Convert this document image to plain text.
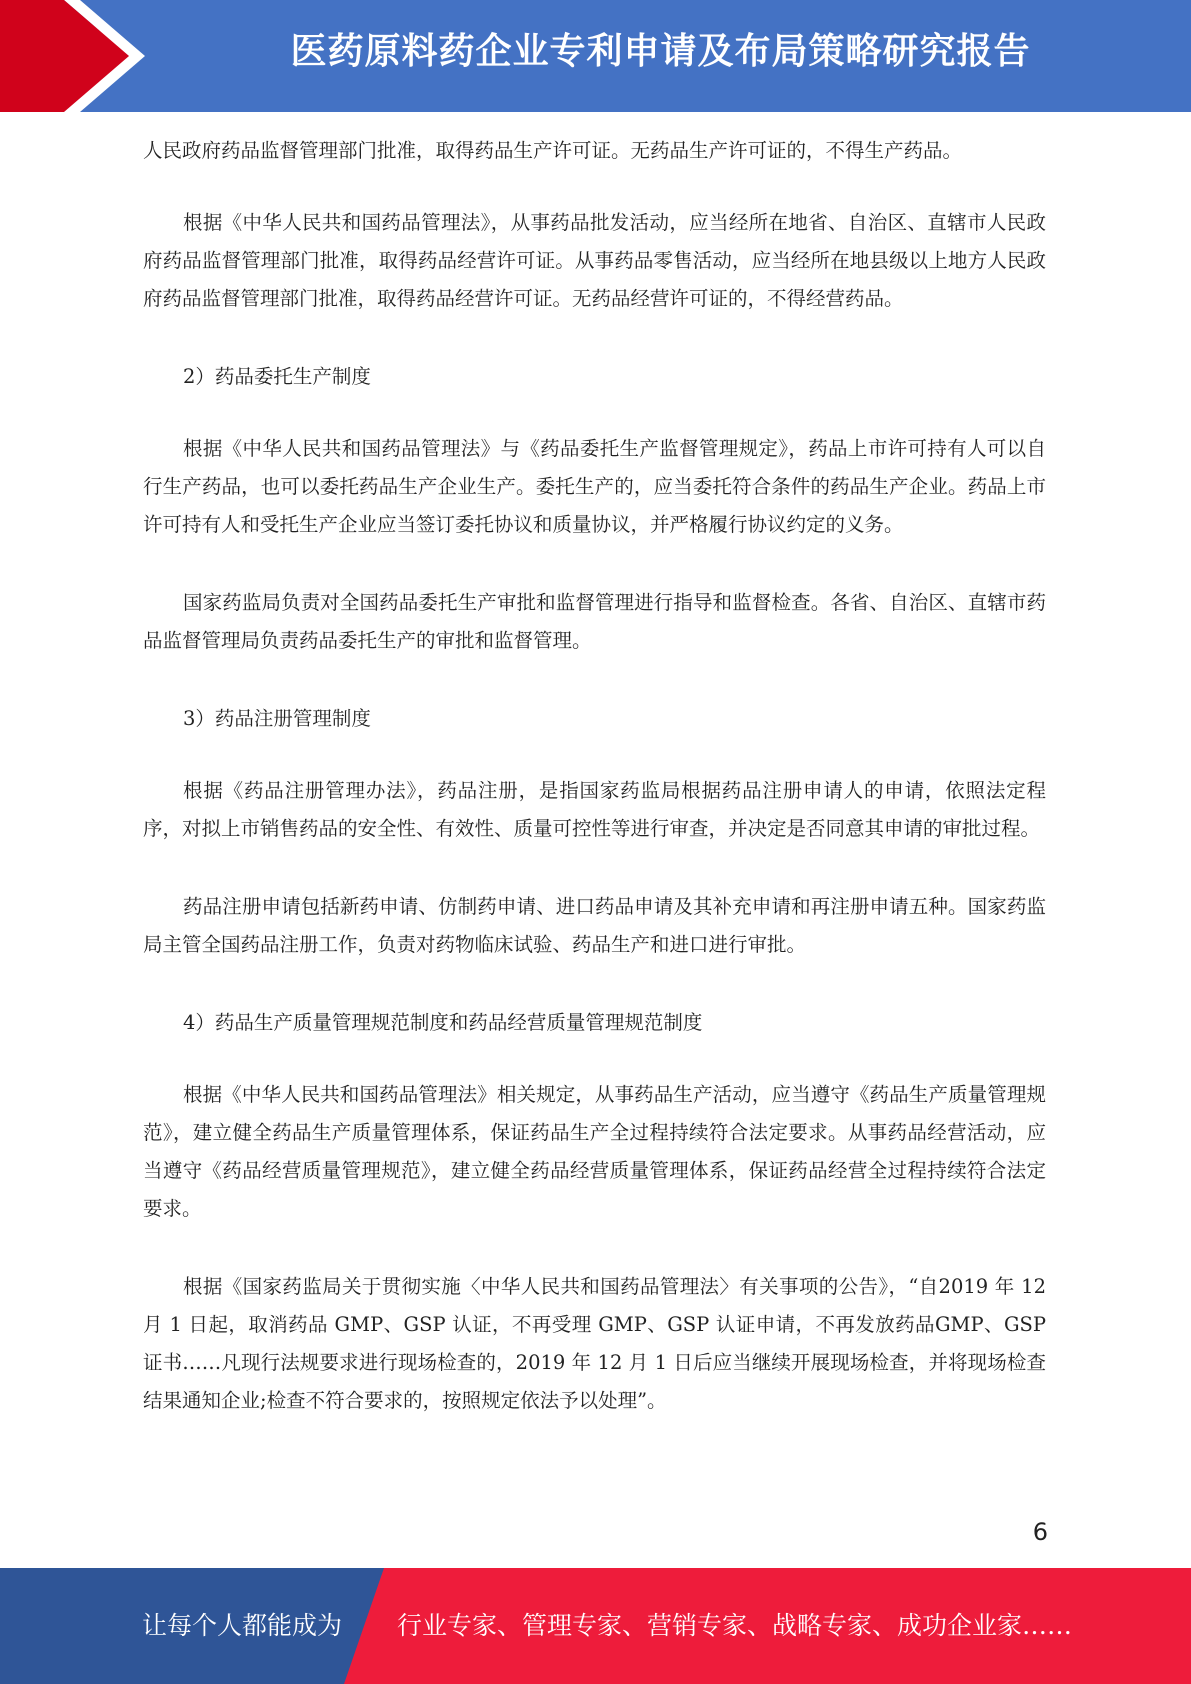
医药原料药企业专利申请及布局策略研究报告

人民政府药品监督管理部门批准，取得药品生产许可证。无药品生产许可证的，不得生产药品。

根据《中华人民共和国药品管理法》，从事药品批发活动，应当经所在地省、自治区、直辖市人民政府药品监督管理部门批准，取得药品经营许可证。从事药品零售活动，应当经所在地县级以上地方人民政府药品监督管理部门批准，取得药品经营许可证。无药品经营许可证的，不得经营药品。

2）药品委托生产制度

根据《中华人民共和国药品管理法》与《药品委托生产监督管理规定》，药品上市许可持有人可以自行生产药品，也可以委托药品生产企业生产。委托生产的，应当委托符合条件的药品生产企业。药品上市许可持有人和受托生产企业应当签订委托协议和质量协议，并严格履行协议约定的义务。

国家药监局负责对全国药品委托生产审批和监督管理进行指导和监督检查。各省、自治区、直辖市药品监督管理局负责药品委托生产的审批和监督管理。

3）药品注册管理制度

根据《药品注册管理办法》，药品注册，是指国家药监局根据药品注册申请人的申请，依照法定程序，对拟上市销售药品的安全性、有效性、质量可控性等进行审查，并决定是否同意其申请的审批过程。

药品注册申请包括新药申请、仿制药申请、进口药品申请及其补充申请和再注册申请五种。国家药监局主管全国药品注册工作，负责对药物临床试验、药品生产和进口进行审批。

4）药品生产质量管理规范制度和药品经营质量管理规范制度

根据《中华人民共和国药品管理法》相关规定，从事药品生产活动，应当遵守《药品生产质量管理规范》，建立健全药品生产质量管理体系，保证药品生产全过程持续符合法定要求。从事药品经营活动，应当遵守《药品经营质量管理规范》，建立健全药品经营质量管理体系，保证药品经营全过程持续符合法定要求。

根据《国家药监局关于贯彻实施〈中华人民共和国药品管理法〉有关事项的公告》，“自2019 年 12 月 1 日起，取消药品 GMP、GSP 认证，不再受理 GMP、GSP 认证申请，不再发放药品GMP、GSP 证书……凡现行法规要求进行现场检查的，2019 年 12 月 1 日后应当继续开展现场检查，并将现场检查结果通知企业;检查不符合要求的，按照规定依法予以处理”。

6
让每个人都能成为 行业专家、管理专家、营销专家、战略专家、成功企业家……
